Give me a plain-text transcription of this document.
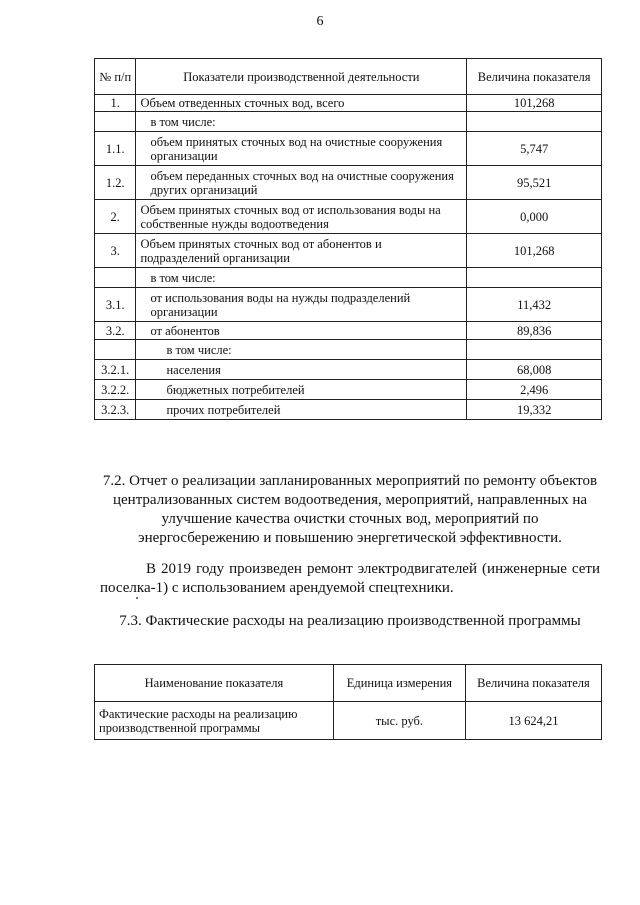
6
№ п/п	Показатели производственной деятельности	Величина показателя
1.	Объем отведенных сточных вод, всего	101,268
	в том числе:	
1.1.	объем принятых сточных вод на очистные сооружения организации	5,747
1.2.	объем переданных сточных вод на очистные сооружения других организаций	95,521
2.	Объем принятых сточных вод от использования воды на собственные нужды водоотведения	0,000
3.	Объем принятых сточных вод от абонентов и подразделений организации	101,268
	в том числе:	
3.1.	от использования воды на нужды подразделений организации	11,432
3.2.	от абонентов	89,836
	в том числе:	
3.2.1.	населения	68,008
3.2.2.	бюджетных потребителей	2,496
3.2.3.	прочих потребителей	19,332

7.2. Отчет о реализации запланированных мероприятий по ремонту объектов централизованных систем водоотведения, мероприятий, направленных на улучшение качества очистки сточных вод, мероприятий по энергосбережению и повышению энергетической эффективности.

В 2019 году произведен ремонт электродвигателей (инженерные сети поселка-1) с использованием арендуемой спецтехники.

7.3. Фактические расходы на реализацию производственной программы

Наименование показателя	Единица измерения	Величина показателя
Фактические расходы на реализацию производственной программы	тыс. руб.	13 624,21
